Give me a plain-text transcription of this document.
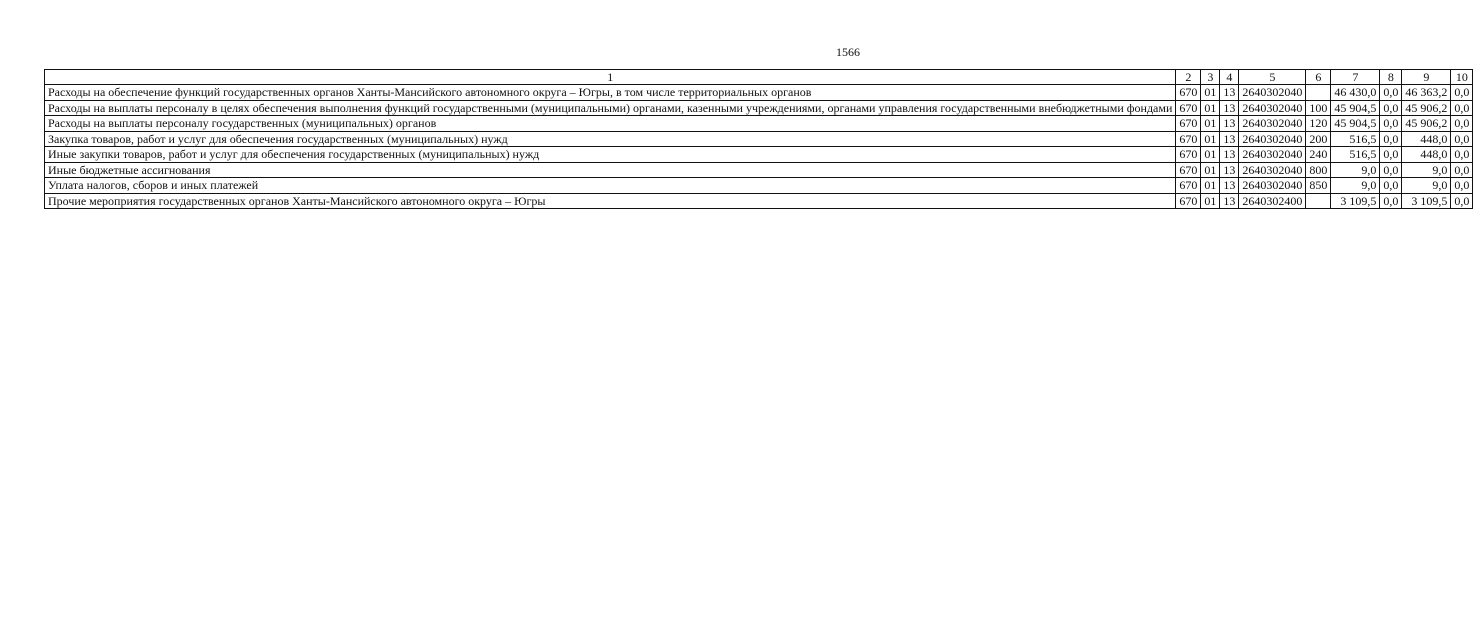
1566
1	2	3	4	5	6	7	8	9	10
Расходы на обеспечение функций государственных органов Ханты-Мансийского автономного округа – Югры, в том числе территориальных органов	670	01	13	2640302040		46 430,0	0,0	46 363,2	0,0
Расходы на выплаты персоналу в целях обеспечения выполнения функций государственными (муниципальными) органами, казенными учреждениями, органами управления государственными внебюджетными фондами	670	01	13	2640302040	100	45 904,5	0,0	45 906,2	0,0
Расходы на выплаты персоналу государственных (муниципальных) органов	670	01	13	2640302040	120	45 904,5	0,0	45 906,2	0,0
Закупка товаров, работ и услуг для обеспечения государственных (муниципальных) нужд	670	01	13	2640302040	200	516,5	0,0	448,0	0,0
Иные закупки товаров, работ и услуг для обеспечения государственных (муниципальных) нужд	670	01	13	2640302040	240	516,5	0,0	448,0	0,0
Иные бюджетные ассигнования	670	01	13	2640302040	800	9,0	0,0	9,0	0,0
Уплата налогов, сборов и иных платежей	670	01	13	2640302040	850	9,0	0,0	9,0	0,0
Прочие мероприятия государственных органов Ханты-Мансийского автономного округа – Югры	670	01	13	2640302400		3 109,5	0,0	3 109,5	0,0
